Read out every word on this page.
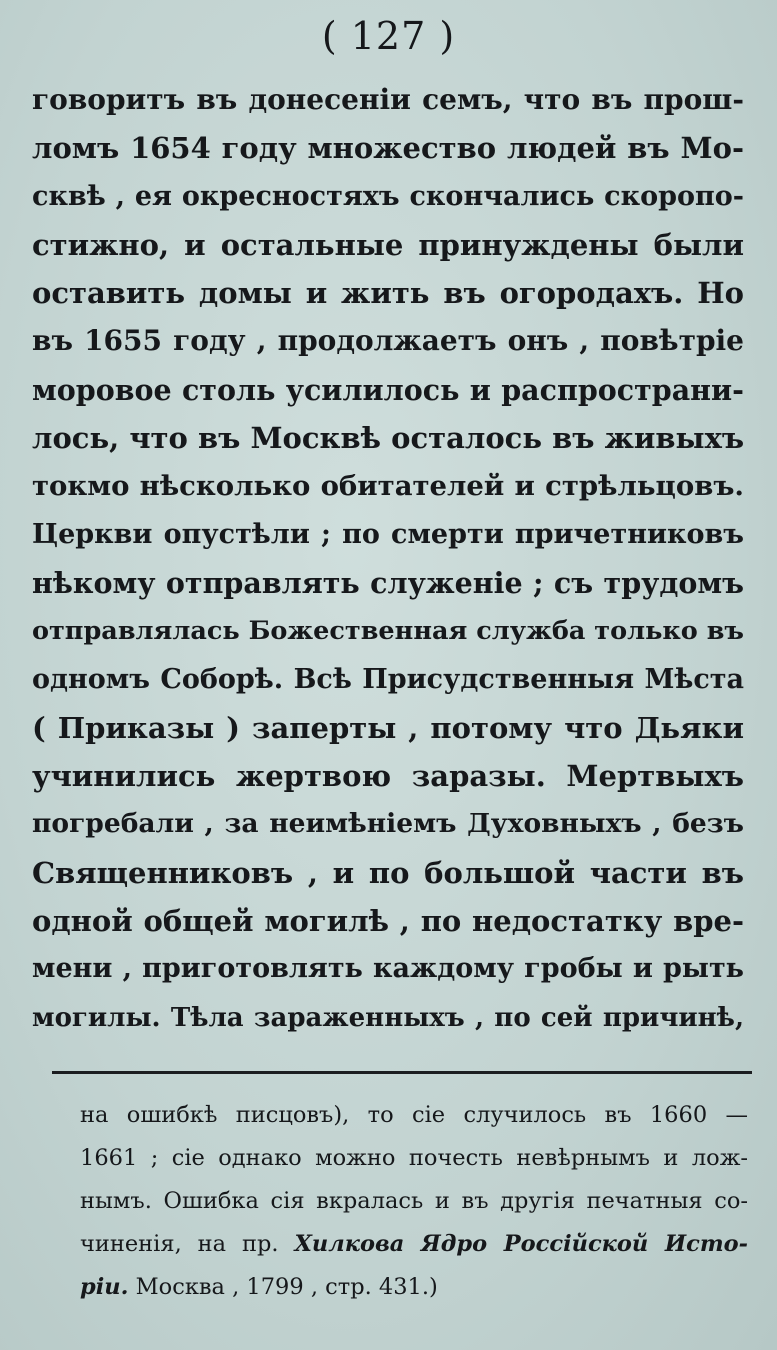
( 127 )
говоритъ въ донесеніи семъ, что въ прош-
ломъ 1654 году множество людей въ Мо-
сквѣ , ея окресностяхъ скончались скоропо-
стижно, и остальные принуждены были
оставить домы и жить въ огородахъ. Но
въ 1655 году , продолжаетъ онъ , повѣтріе
моровое столь усилилось и распространи-
лось, что въ Москвѣ осталось въ живыхъ
токмо нѣсколько обитателей и стрѣльцовъ.
Церкви опустѣли ; по смерти причетниковъ
нѣкому отправлять служеніе ; съ трудомъ
отправлялась Божественная служба только въ
одномъ Соборѣ. Всѣ Присудственныя Мѣста
( Приказы ) заперты , потому что Дьяки
учинились жертвою заразы. Мертвыхъ
погребали , за неимѣніемъ Духовныхъ , безъ
Священниковъ , и по большой части въ
одной общей могилѣ , по недостатку вре-
мени , приготовлять каждому гробы и рыть
могилы. Тѣла зараженныхъ , по сей причинѣ,
на ошибкѣ писцовъ), то сіе случилось въ 1660 —
1661 ; сіе однако можно почесть невѣрнымъ и лож-
нымъ. Ошибка сія вкралась и въ другія печатныя со-
чиненія, на пр. Хилкова Ядро Россійской Исто-
ріи. Москва , 1799 , стр. 431.)
